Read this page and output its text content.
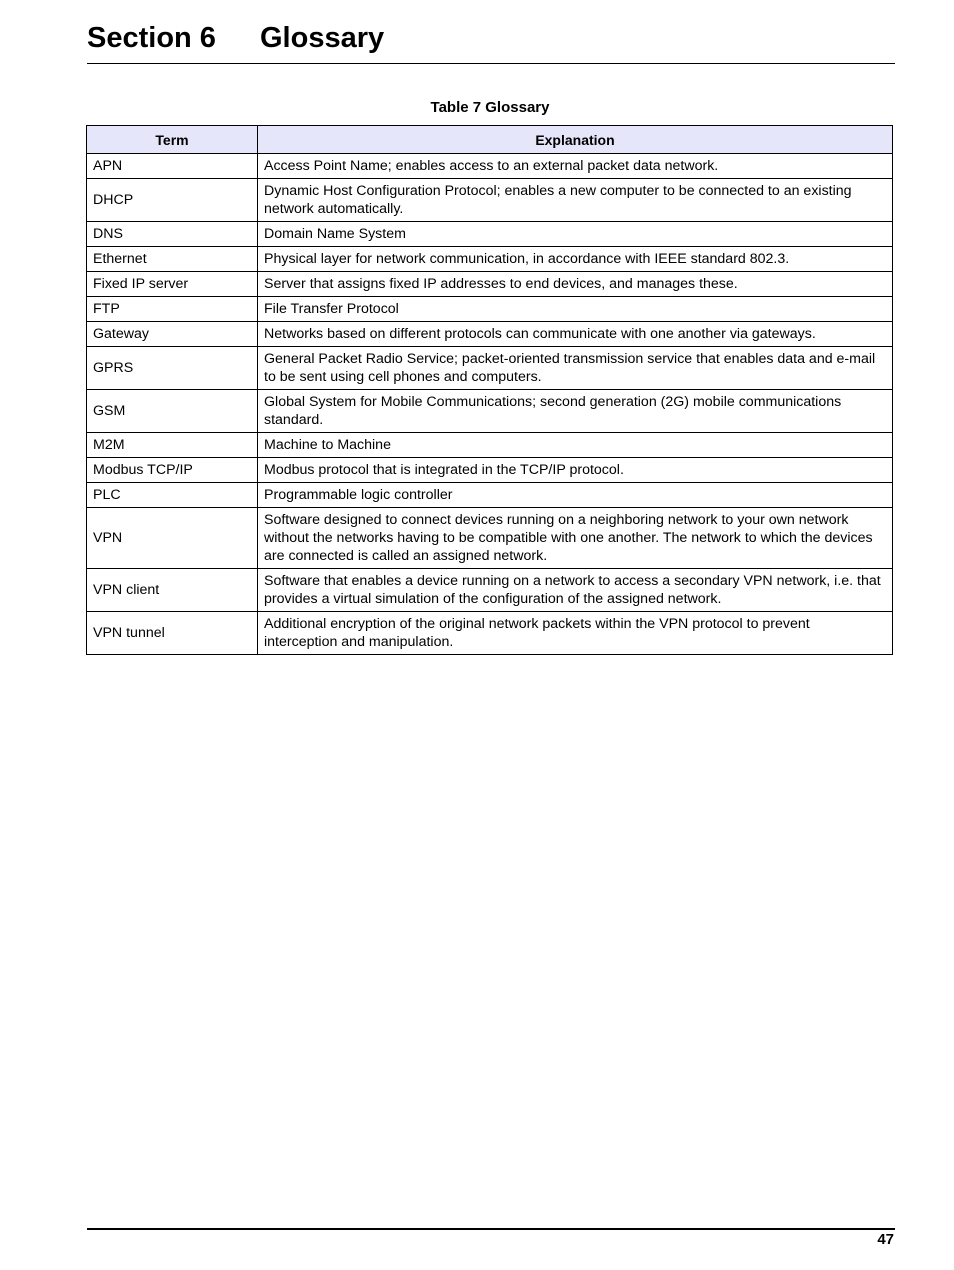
Section 6 Glossary
Table 7 Glossary
Term	Explanation
APN	Access Point Name; enables access to an external packet data network.
DHCP	Dynamic Host Configuration Protocol; enables a new computer to be connected to an existing network automatically.
DNS	Domain Name System
Ethernet	Physical layer for network communication, in accordance with IEEE standard 802.3.
Fixed IP server	Server that assigns fixed IP addresses to end devices, and manages these.
FTP	File Transfer Protocol
Gateway	Networks based on different protocols can communicate with one another via gateways.
GPRS	General Packet Radio Service; packet-oriented transmission service that enables data and e-mail to be sent using cell phones and computers.
GSM	Global System for Mobile Communications; second generation (2G) mobile communications standard.
M2M	Machine to Machine
Modbus TCP/IP	Modbus protocol that is integrated in the TCP/IP protocol.
PLC	Programmable logic controller
VPN	Software designed to connect devices running on a neighboring network to your own network without the networks having to be compatible with one another. The network to which the devices are connected is called an assigned network.
VPN client	Software that enables a device running on a network to access a secondary VPN network, i.e. that provides a virtual simulation of the configuration of the assigned network.
VPN tunnel	Additional encryption of the original network packets within the VPN protocol to prevent interception and manipulation.
47
